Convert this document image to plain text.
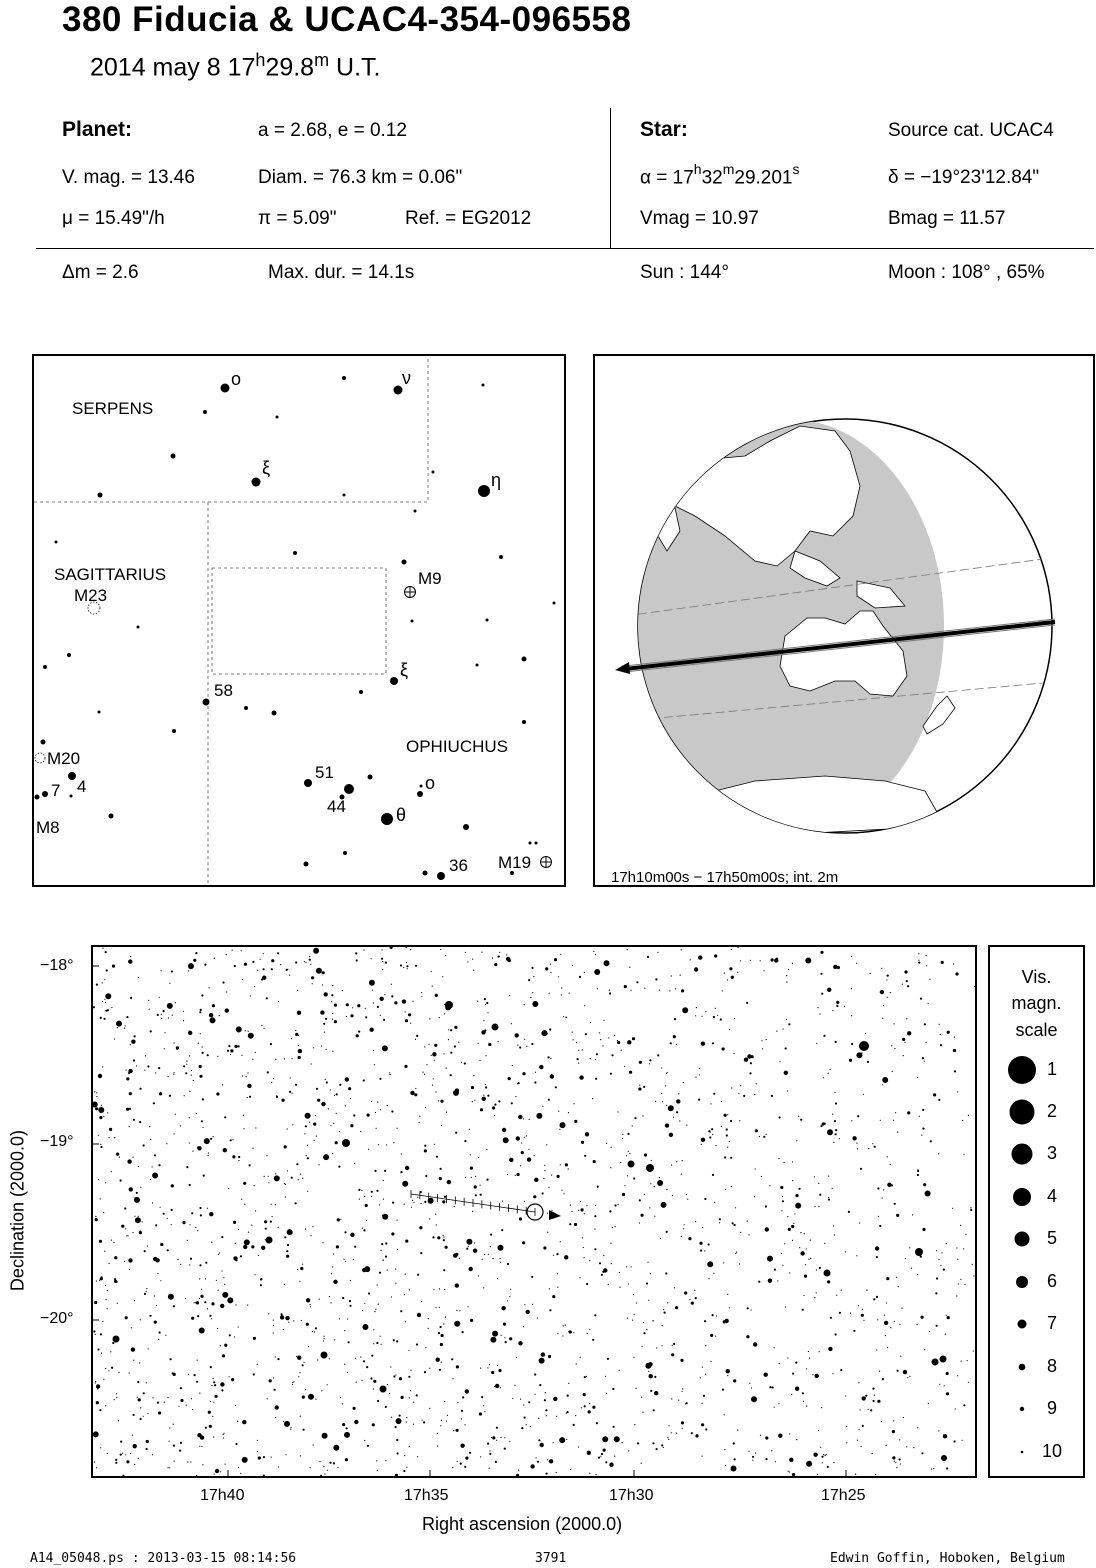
380 Fiducia & UCAC4-354-096558
2014 may 8 17$^h$29.8$^m$ U.T.
Planet:	a = 2.68, e = 0.12
V. mag. = 13.46	Diam. = 76.3 km = 0.06"
μ = 15.49"/h	π = 5.09"	Ref. = EG2012
Star:	Source cat. UCAC4
$\alpha = 17^h32^m29.201^s$	δ = −19°23'12.84"
Vmag = 10.97	Bmag = 11.57
Δm = 2.6	Max. dur. = 14.1s	Sun : 144°	Moon : 108° , 65%
SERPENS
SAGITTARIUS
OPHIUCHUS
ο	ν
ξ
η
ξ
θ
ο
M9
M23
58
M20
7 4
M8
51
44
36 M19
17h10m00s − 17h50m00s; int. 2m
−18°
−19°
−20°
17h40	17h35	17h30	17h25
Right ascension (2000.0)
Declination (2000.0)
Vis.
magn.
scale
1
2
3
4
5
6
7
8
9
10
A14_05048.ps : 2013-03-15 08:14:56	3791	Edwin Goffin, Hoboken, Belgium
